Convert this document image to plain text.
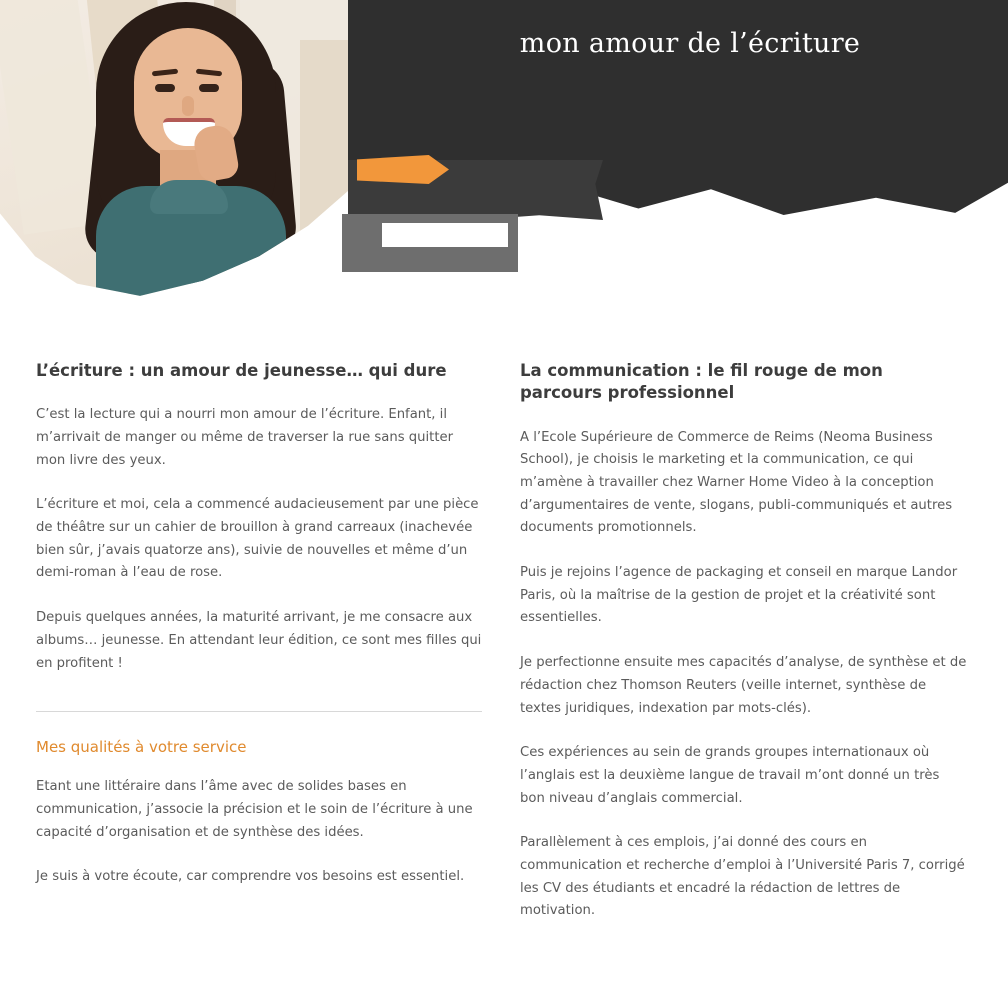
mon amour de l’écriture
L’écriture : un amour de jeunesse… qui dure

C’est la lecture qui a nourri mon amour de l’écriture. Enfant, il m’arrivait de manger ou même de traverser la rue sans quitter mon livre des yeux.

L’écriture et moi, cela a commencé audacieusement par une pièce de théâtre sur un cahier de brouillon à grand carreaux (inachevée bien sûr, j’avais quatorze ans), suivie de nouvelles et même d’un demi-roman à l’eau de rose.

Depuis quelques années, la maturité arrivant, je me consacre aux albums… jeunesse. En attendant leur édition, ce sont mes filles qui en profitent !

Mes qualités à votre service

Etant une littéraire dans l’âme avec de solides bases en communication, j’associe la précision et le soin de l’écriture à une capacité d’organisation et de synthèse des idées.

Je suis à votre écoute, car comprendre vos besoins est essentiel.

La communication : le fil rouge de mon parcours professionnel

A l’Ecole Supérieure de Commerce de Reims (Neoma Business School), je choisis le marketing et la communication, ce qui m’amène à travailler chez Warner Home Video à la conception d’argumentaires de vente, slogans, publi-communiqués et autres documents promotionnels.

Puis je rejoins l’agence de packaging et conseil en marque Landor Paris, où la maîtrise de la gestion de projet et la créativité sont essentielles.

Je perfectionne ensuite mes capacités d’analyse, de synthèse et de rédaction chez Thomson Reuters (veille internet, synthèse de textes juridiques, indexation par mots-clés).

Ces expériences au sein de grands groupes internationaux où l’anglais est la deuxième langue de travail m’ont donné un très bon niveau d’anglais commercial.

Parallèlement à ces emplois, j’ai donné des cours en communication et recherche d’emploi à l’Université Paris 7, corrigé les CV des étudiants et encadré la rédaction de lettres de motivation.
